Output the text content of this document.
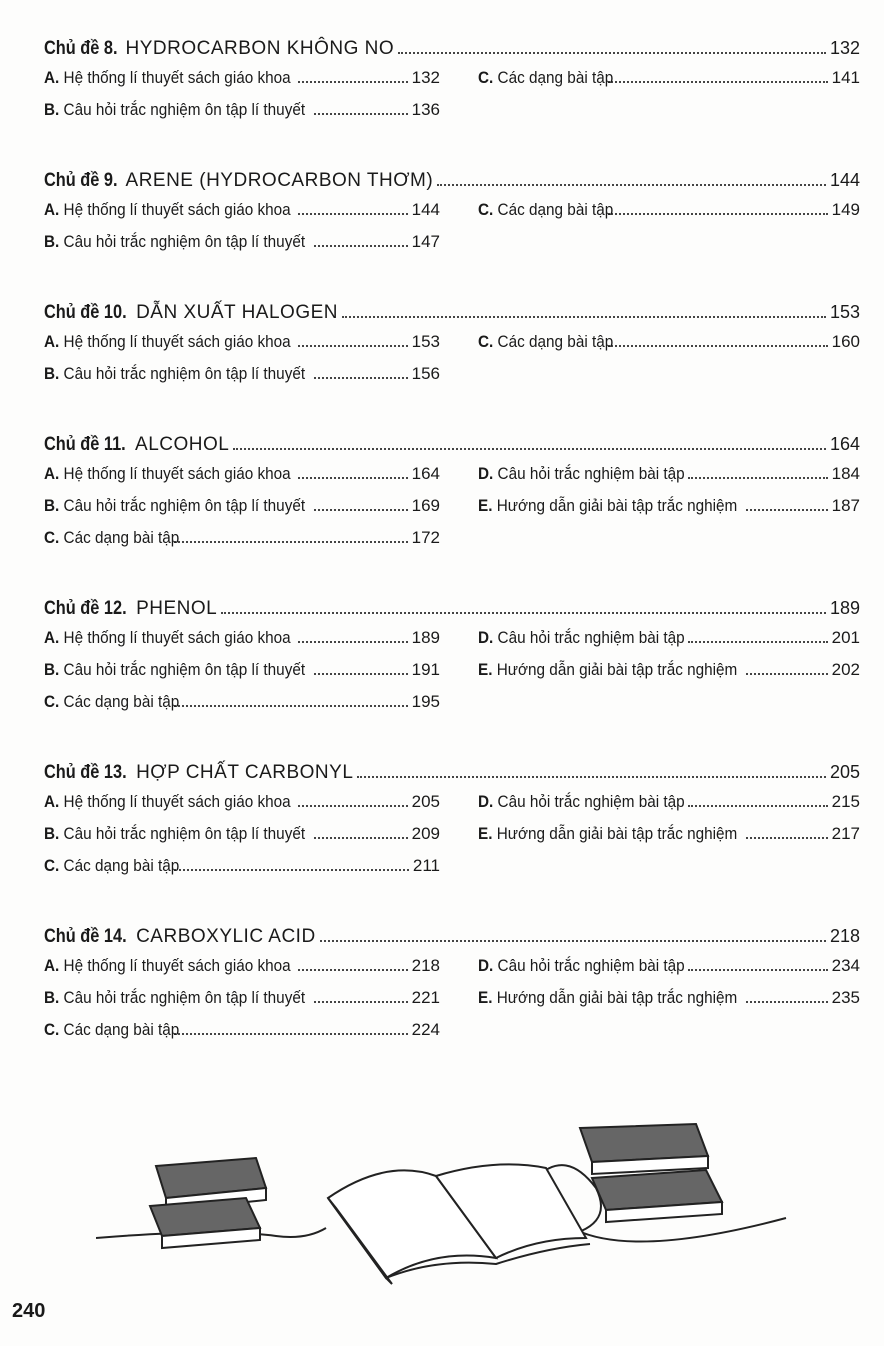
Chủ đề 8. HYDROCARBON KHÔNG NO	132
A. Hệ thống lí thuyết sách giáo khoa	132 C. Các dạng bài tập	141
B. Câu hỏi trắc nghiệm ôn tập lí thuyết	136
Chủ đề 9. ARENE (HYDROCARBON THƠM)	144
A. Hệ thống lí thuyết sách giáo khoa	144 C. Các dạng bài tập	149
B. Câu hỏi trắc nghiệm ôn tập lí thuyết	147
Chủ đề 10. DẪN XUẤT HALOGEN	153
A. Hệ thống lí thuyết sách giáo khoa	153 C. Các dạng bài tập	160
B. Câu hỏi trắc nghiệm ôn tập lí thuyết	156
Chủ đề 11. ALCOHOL	164
A. Hệ thống lí thuyết sách giáo khoa	164 D. Câu hỏi trắc nghiệm bài tập	184
B. Câu hỏi trắc nghiệm ôn tập lí thuyết	169 E. Hướng dẫn giải bài tập trắc nghiệm	187
C. Các dạng bài tập	172
Chủ đề 12. PHENOL	189
A. Hệ thống lí thuyết sách giáo khoa	189 D. Câu hỏi trắc nghiệm bài tập	201
B. Câu hỏi trắc nghiệm ôn tập lí thuyết	191 E. Hướng dẫn giải bài tập trắc nghiệm	202
C. Các dạng bài tập	195
Chủ đề 13. HỢP CHẤT CARBONYL	205
A. Hệ thống lí thuyết sách giáo khoa	205 D. Câu hỏi trắc nghiệm bài tập	215
B. Câu hỏi trắc nghiệm ôn tập lí thuyết	209 E. Hướng dẫn giải bài tập trắc nghiệm	217
C. Các dạng bài tập	211
Chủ đề 14. CARBOXYLIC ACID	218
A. Hệ thống lí thuyết sách giáo khoa	218 D. Câu hỏi trắc nghiệm bài tập	234
B. Câu hỏi trắc nghiệm ôn tập lí thuyết	221 E. Hướng dẫn giải bài tập trắc nghiệm	235
C. Các dạng bài tập	224
240
